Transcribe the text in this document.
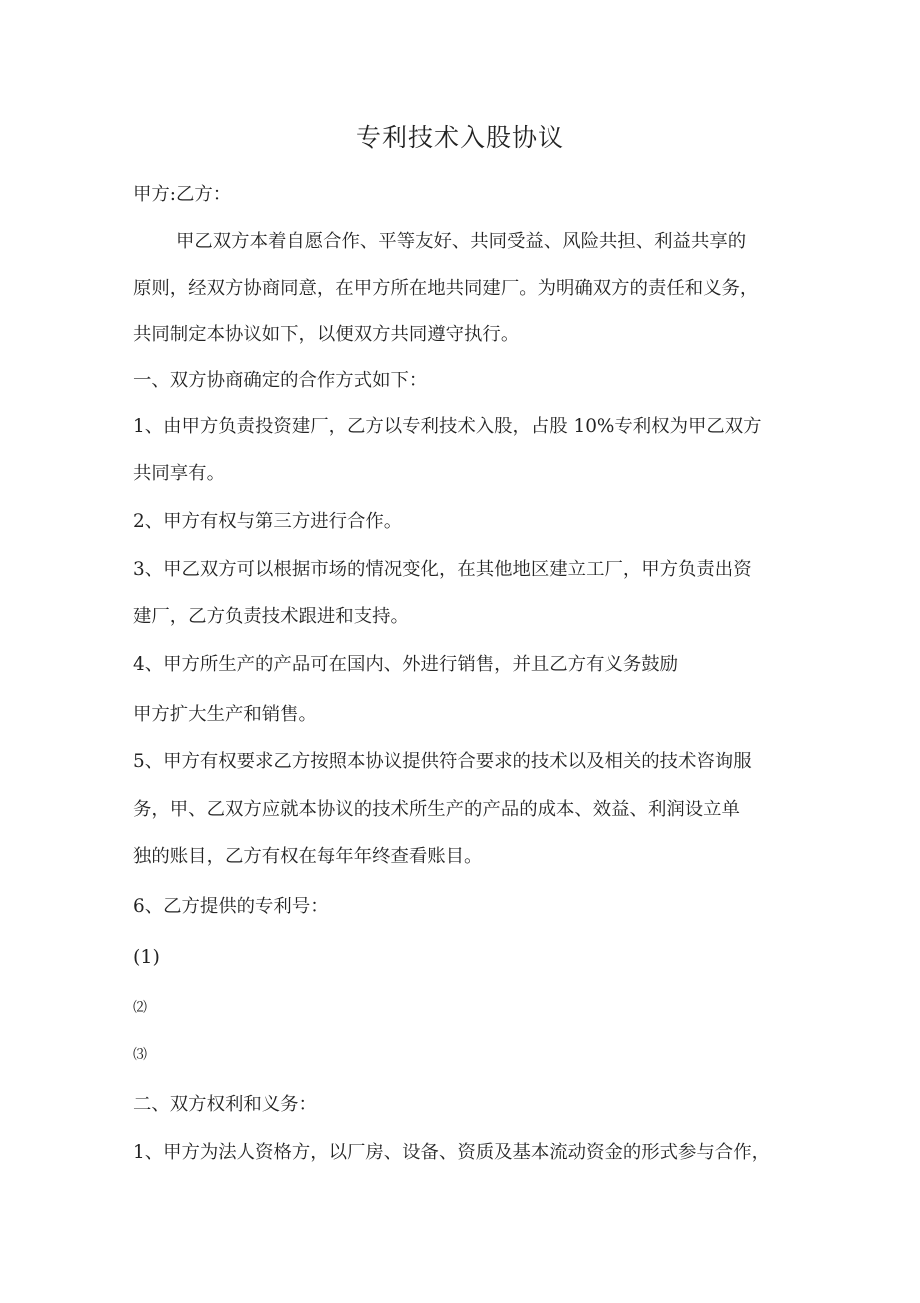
专利技术入股协议
甲方:乙方：
甲乙双方本着自愿合作、平等友好、共同受益、风险共担、利益共享的
原则，经双方协商同意，在甲方所在地共同建厂。为明确双方的责任和义务，
共同制定本协议如下，以便双方共同遵守执行。
一、双方协商确定的合作方式如下：
1、由甲方负责投资建厂，乙方以专利技术入股，占股 10%专利权为甲乙双方
共同享有。
2、甲方有权与第三方进行合作。
3、甲乙双方可以根据市场的情况变化，在其他地区建立工厂，甲方负责出资
建厂，乙方负责技术跟进和支持。
4、甲方所生产的产品可在国内、外进行销售，并且乙方有义务鼓励
甲方扩大生产和销售。
5、甲方有权要求乙方按照本协议提供符合要求的技术以及相关的技术咨询服
务，甲、乙双方应就本协议的技术所生产的产品的成本、效益、利润设立单
独的账目，乙方有权在每年年终查看账目。
6、乙方提供的专利号：
(1)
⑵
⑶
二、双方权利和义务：
1、甲方为法人资格方，以厂房、设备、资质及基本流动资金的形式参与合作，
